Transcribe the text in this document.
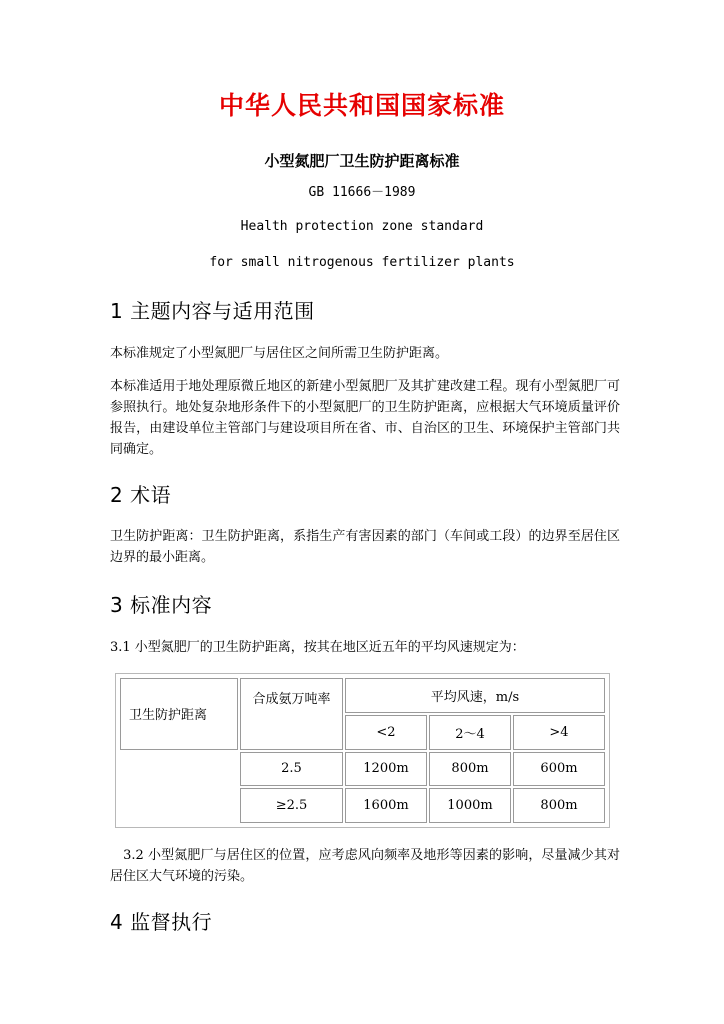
中华人民共和国国家标准
小型氮肥厂卫生防护距离标准
GB 11666－1989
Health protection zone standard
for small nitrogenous fertilizer plants
1 主题内容与适用范围
本标准规定了小型氮肥厂与居住区之间所需卫生防护距离。
本标准适用于地处理原微丘地区的新建小型氮肥厂及其扩建改建工程。现有小型氮肥厂可参照执行。地处复杂地形条件下的小型氮肥厂的卫生防护距离，应根据大气环境质量评价报告，由建设单位主管部门与建设项目所在省、市、自治区的卫生、环境保护主管部门共同确定。
2 术语
卫生防护距离：卫生防护距离，系指生产有害因素的部门（车间或工段）的边界至居住区边界的最小距离。
3 标准内容
3.1 小型氮肥厂的卫生防护距离，按其在地区近五年的平均风速规定为：
卫生防护距离	合成氨万吨率	平均风速，m/s		
		<2	2～4	>4
	2.5	1200m	800m	600m
	≥2.5	1600m	1000m	800m
　3.2 小型氮肥厂与居住区的位置，应考虑风向频率及地形等因素的影响，尽量减少其对居住区大气环境的污染。
4 监督执行
